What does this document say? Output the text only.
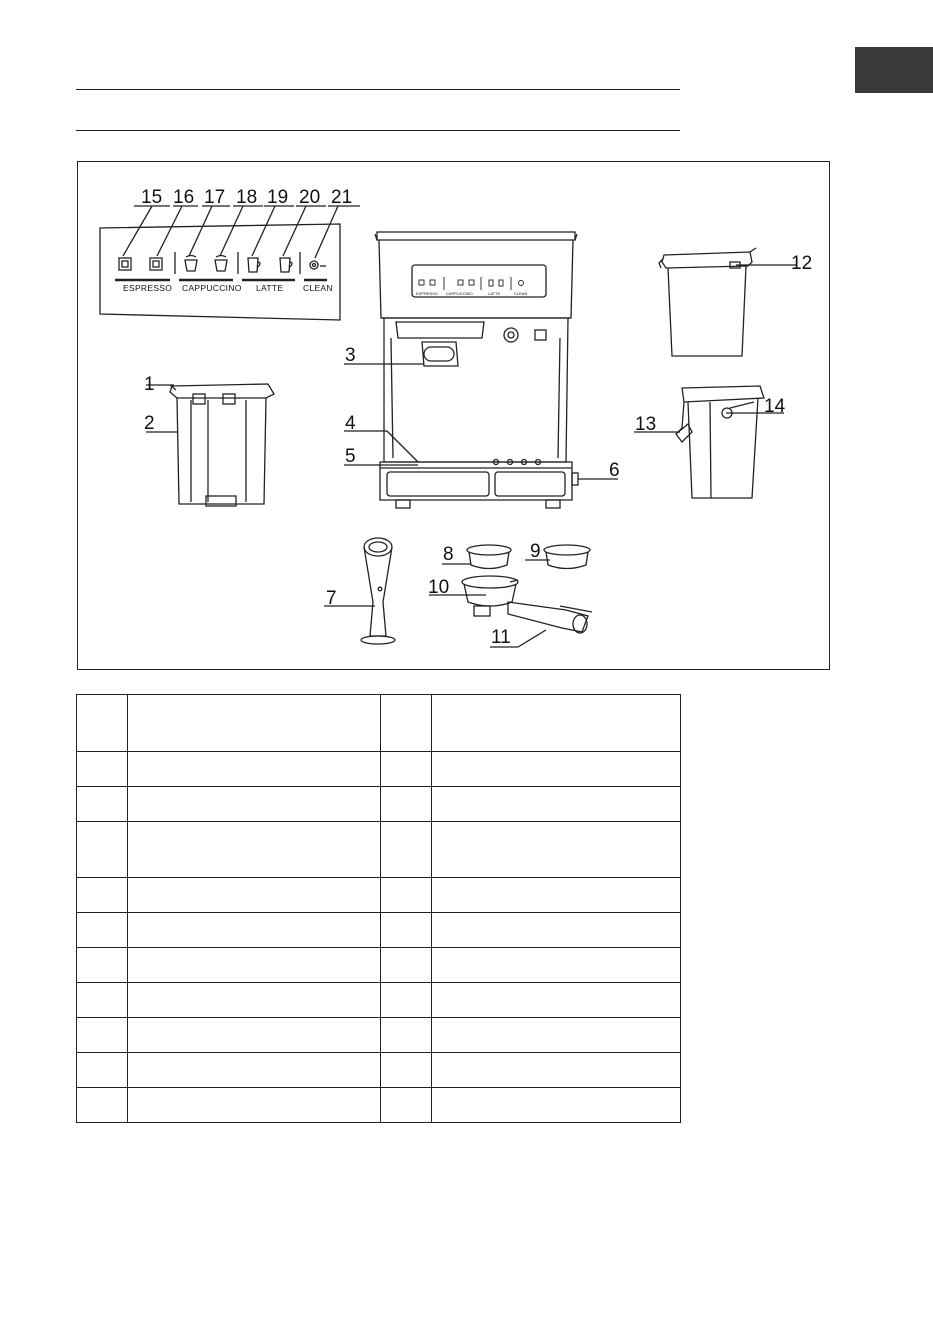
ESPRESSO CAPPUCCINO LATTE CLEAN
ESPRESSO CAPPUCCINO	LATTE	CLEAN
15 16 17 18 19 20 21
1
2
3
4
5
6
7
8	9
10
11
12
13
14
